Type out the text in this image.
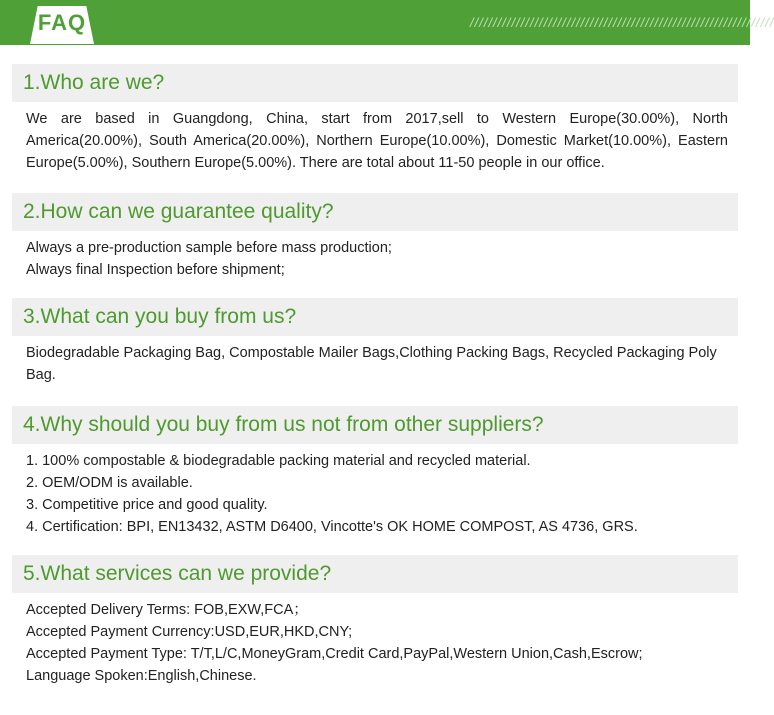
FAQ	//////////////////////////////////////////////////////////////////
1.Who are we?
We are based in Guangdong, China, start from 2017,sell to Western Europe(30.00%), North America(20.00%), South America(20.00%), Northern Europe(10.00%), Domestic Market(10.00%), Eastern Europe(5.00%), Southern Europe(5.00%). There are total about 11-50 people in our office.
2.How can we guarantee quality?
Always a pre-production sample before mass production;
Always final Inspection before shipment;
3.What can you buy from us?
Biodegradable Packaging Bag, Compostable Mailer Bags,Clothing Packing Bags, Recycled Packaging Poly Bag.
4.Why should you buy from us not from other suppliers?
1. 100% compostable & biodegradable packing material and recycled material.
2. OEM/ODM is available.
3. Competitive price and good quality.
4. Certification: BPI, EN13432, ASTM D6400, Vincotte's OK HOME COMPOST, AS 4736, GRS.
5.What services can we provide?
Accepted Delivery Terms: FOB,EXW,FCA；
Accepted Payment Currency:USD,EUR,HKD,CNY;
Accepted Payment Type: T/T,L/C,MoneyGram,Credit Card,PayPal,Western Union,Cash,Escrow;
Language Spoken:English,Chinese.
